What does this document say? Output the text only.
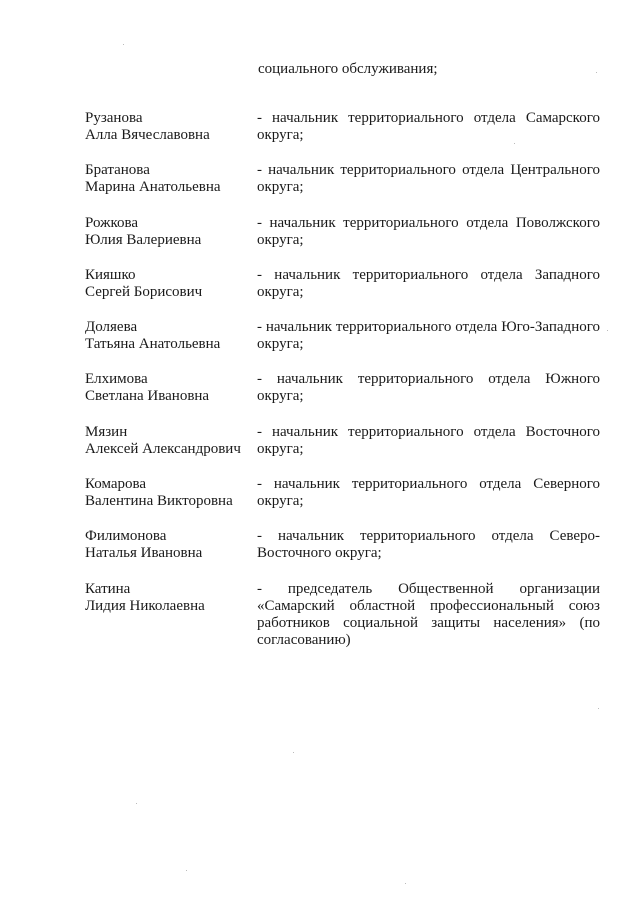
социального обслуживания;
Рузанова
Алла Вячеславовна
- начальник территориального отдела Самарского округа;
Братанова
Марина Анатольевна
- начальник территориального отдела Центрального округа;
Рожкова
Юлия Валериевна
- начальник территориального отдела Поволжского округа;
Кияшко
Сергей Борисович
- начальник территориального отдела Западного округа;
Доляева
Татьяна Анатольевна
- начальник территориального отдела Юго-Западного округа;
Елхимова
Светлана Ивановна
- начальник территориального отдела Южного округа;
Мязин
Алексей Александрович
- начальник территориального отдела Восточного округа;
Комарова
Валентина Викторовна
- начальник территориального отдела Северного округа;
Филимонова
Наталья Ивановна
- начальник территориального отдела Северо-Восточного округа;
Катина
Лидия Николаевна
- председатель Общественной организации «Самарский областной профессиональный союз работников социальной защиты населения» (по согласованию)
